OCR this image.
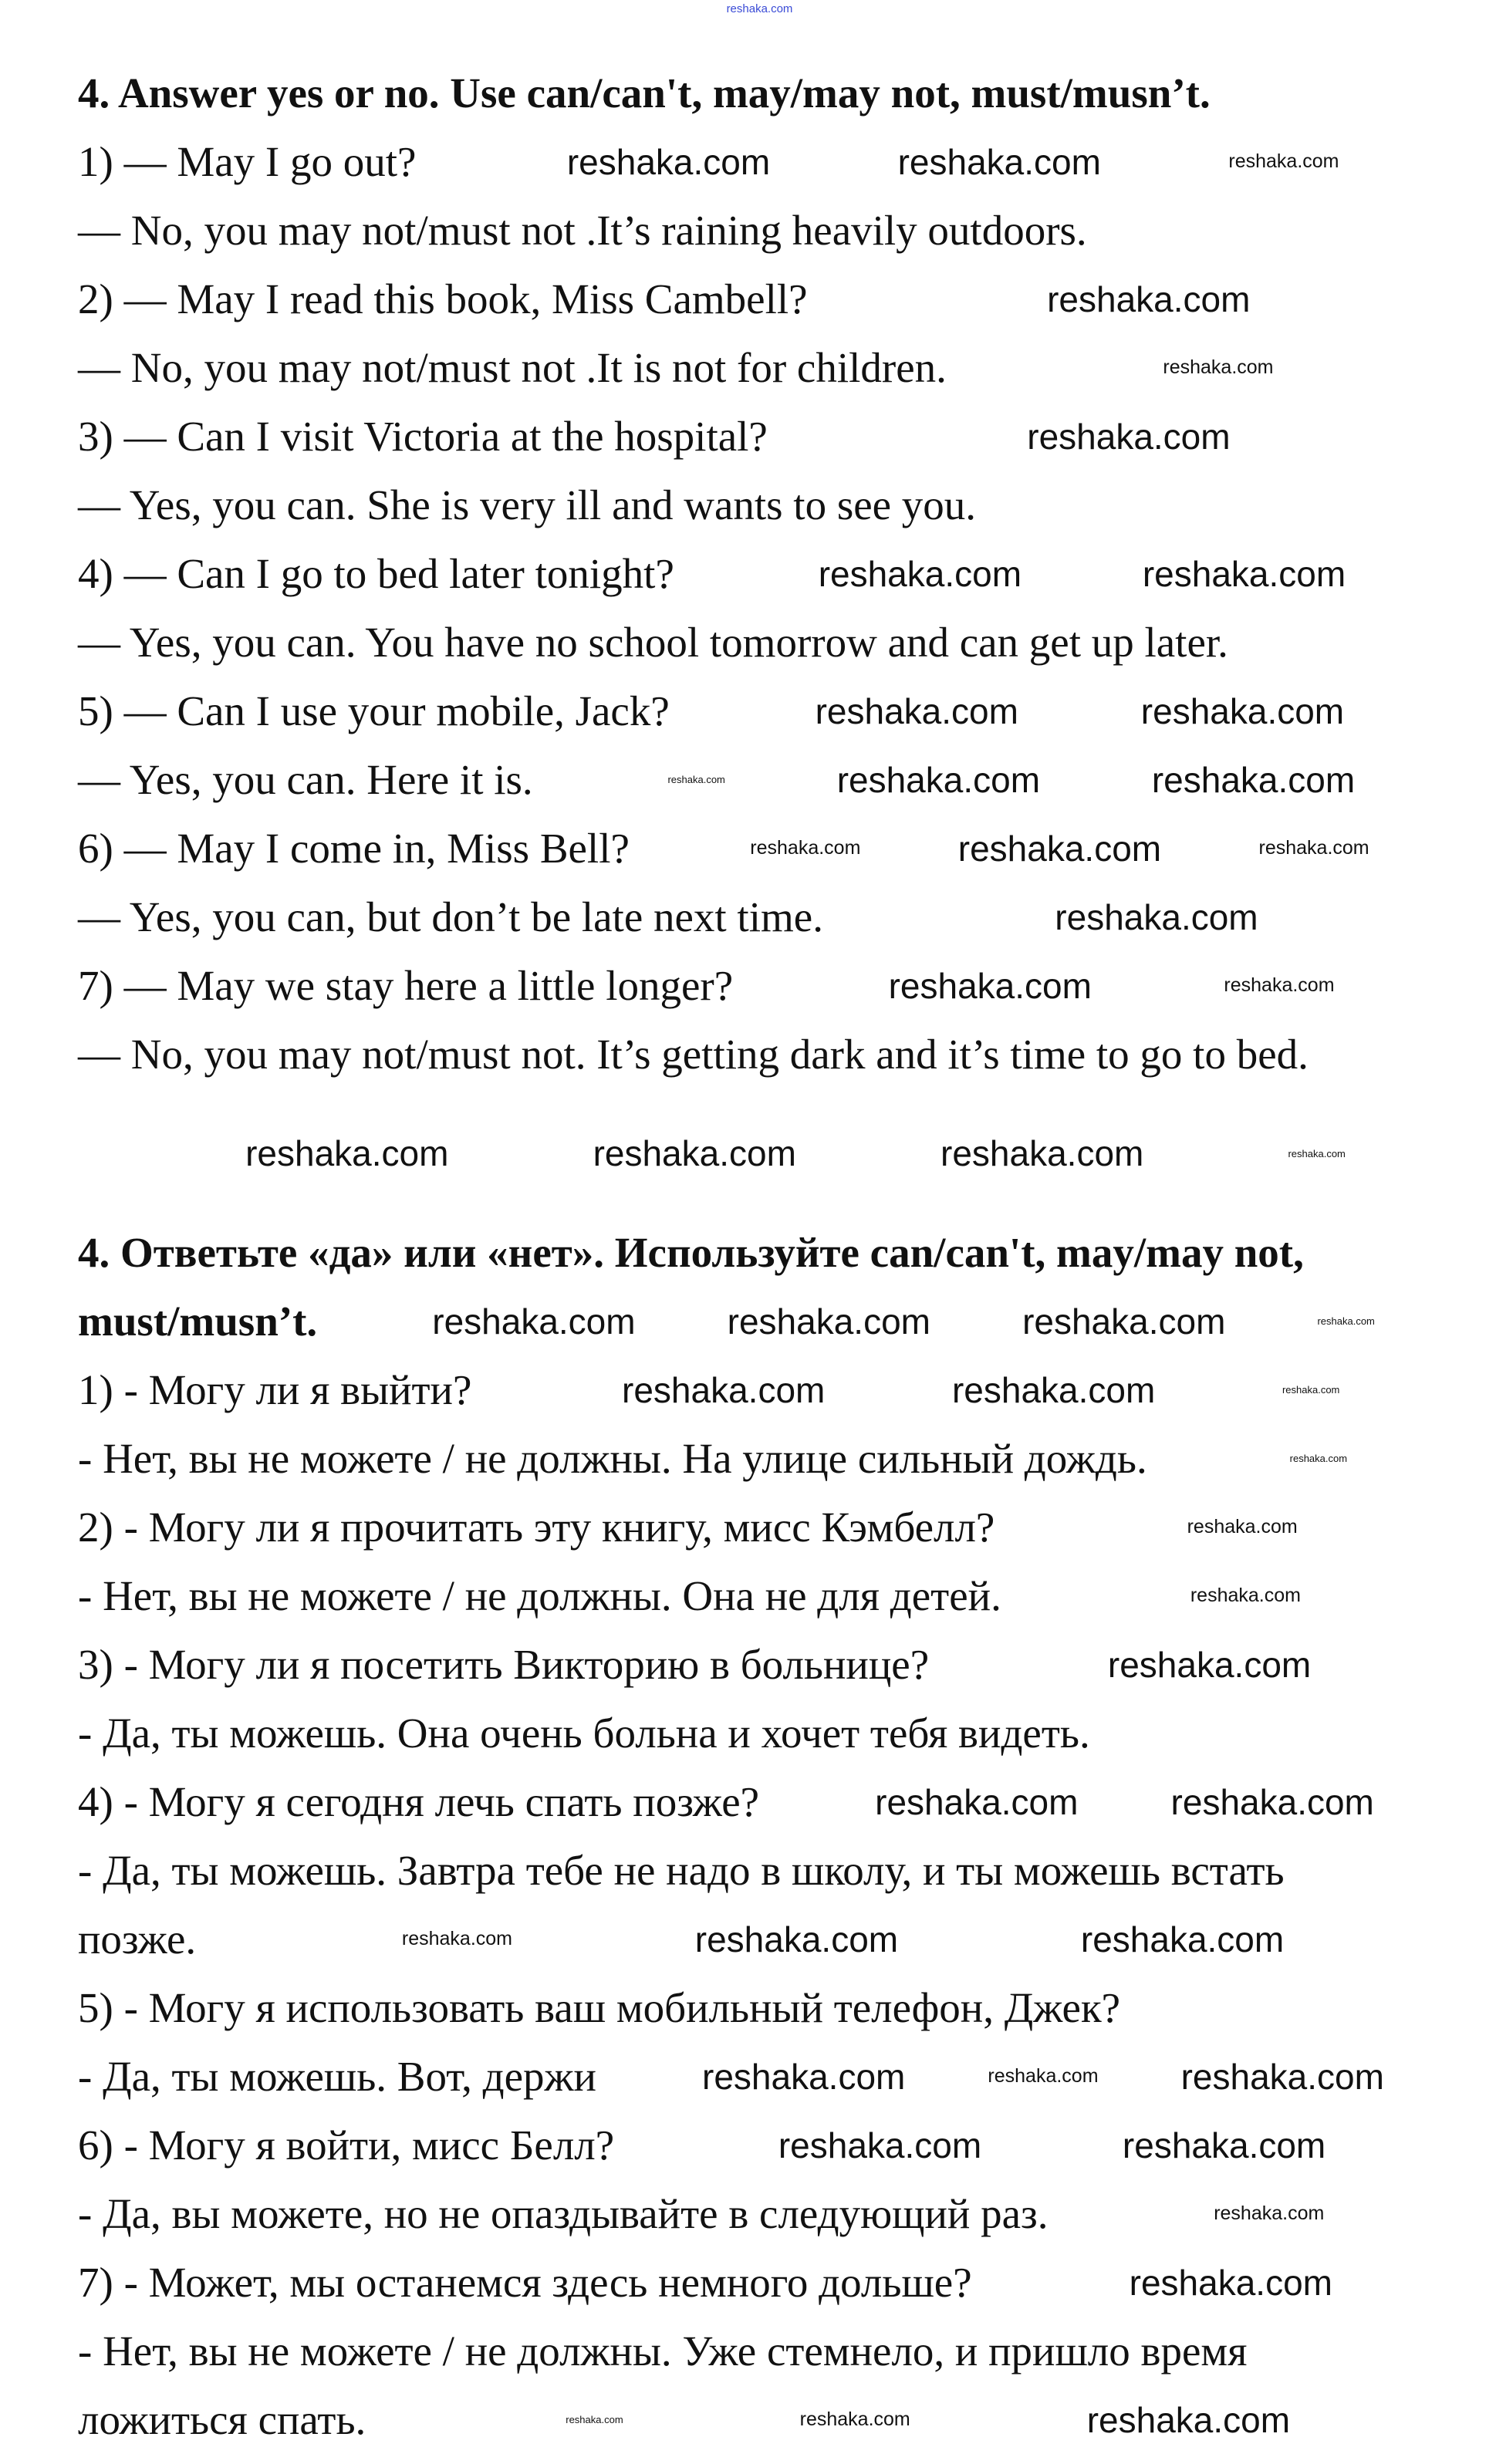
reshaka.com
4. Answer yes or no. Use can/can't, may/may not, must/musn’t.
1) — May I go out?	reshaka.com	reshaka.com	reshaka.com
— No, you may not/must not .It’s raining heavily outdoors.
2) — May I read this book, Miss Cambell?	reshaka.com
— No, you may not/must not .It is not for children.	reshaka.com
3) — Can I visit Victoria at the hospital?	reshaka.com
— Yes, you can. She is very ill and wants to see you.
4) — Can I go to bed later tonight?	reshaka.com	reshaka.com
— Yes, you can. You have no school tomorrow and can get up later.
5) — Can I use your mobile, Jack?	reshaka.com	reshaka.com
— Yes, you can. Here it is.	reshaka.com	reshaka.com	reshaka.com
6) — May I come in, Miss Bell?	reshaka.com	reshaka.com	reshaka.com
— Yes, you can, but don’t be late next time.	reshaka.com
7) — May we stay here a little longer?	reshaka.com	reshaka.com
— No, you may not/must not. It’s getting dark and it’s time to go to bed.
reshaka.com	reshaka.com	reshaka.com	reshaka.com
4. Ответьте «да» или «нет». Используйте can/can't, may/may not,
must/musn’t.	reshaka.com	reshaka.com	reshaka.com	reshaka.com
1) - Могу ли я выйти?	reshaka.com	reshaka.com	reshaka.com
- Нет, вы не можете / не должны. На улице сильный дождь.	reshaka.com
2) - Могу ли я прочитать эту книгу, мисс Кэмбелл?	reshaka.com
- Нет, вы не можете / не должны. Она не для детей.	reshaka.com
3) - Могу ли я посетить Викторию в больнице?	reshaka.com
- Да, ты можешь. Она очень больна и хочет тебя видеть.
4) - Могу я сегодня лечь спать позже?	reshaka.com	reshaka.com
- Да, ты можешь. Завтра тебе не надо в школу, и ты можешь встать
позже.	reshaka.com	reshaka.com	reshaka.com
5) - Могу я использовать ваш мобильный телефон, Джек?
- Да, ты можешь. Вот, держи	reshaka.com	reshaka.com reshaka.com
6) - Могу я войти, мисс Белл?	reshaka.com	reshaka.com
- Да, вы можете, но не опаздывайте в следующий раз.	reshaka.com
7) - Может, мы останемся здесь немного дольше?	reshaka.com
- Нет, вы не можете / не должны. Уже стемнело, и пришло время
ложиться спать.	reshaka.com	reshaka.com	reshaka.com
